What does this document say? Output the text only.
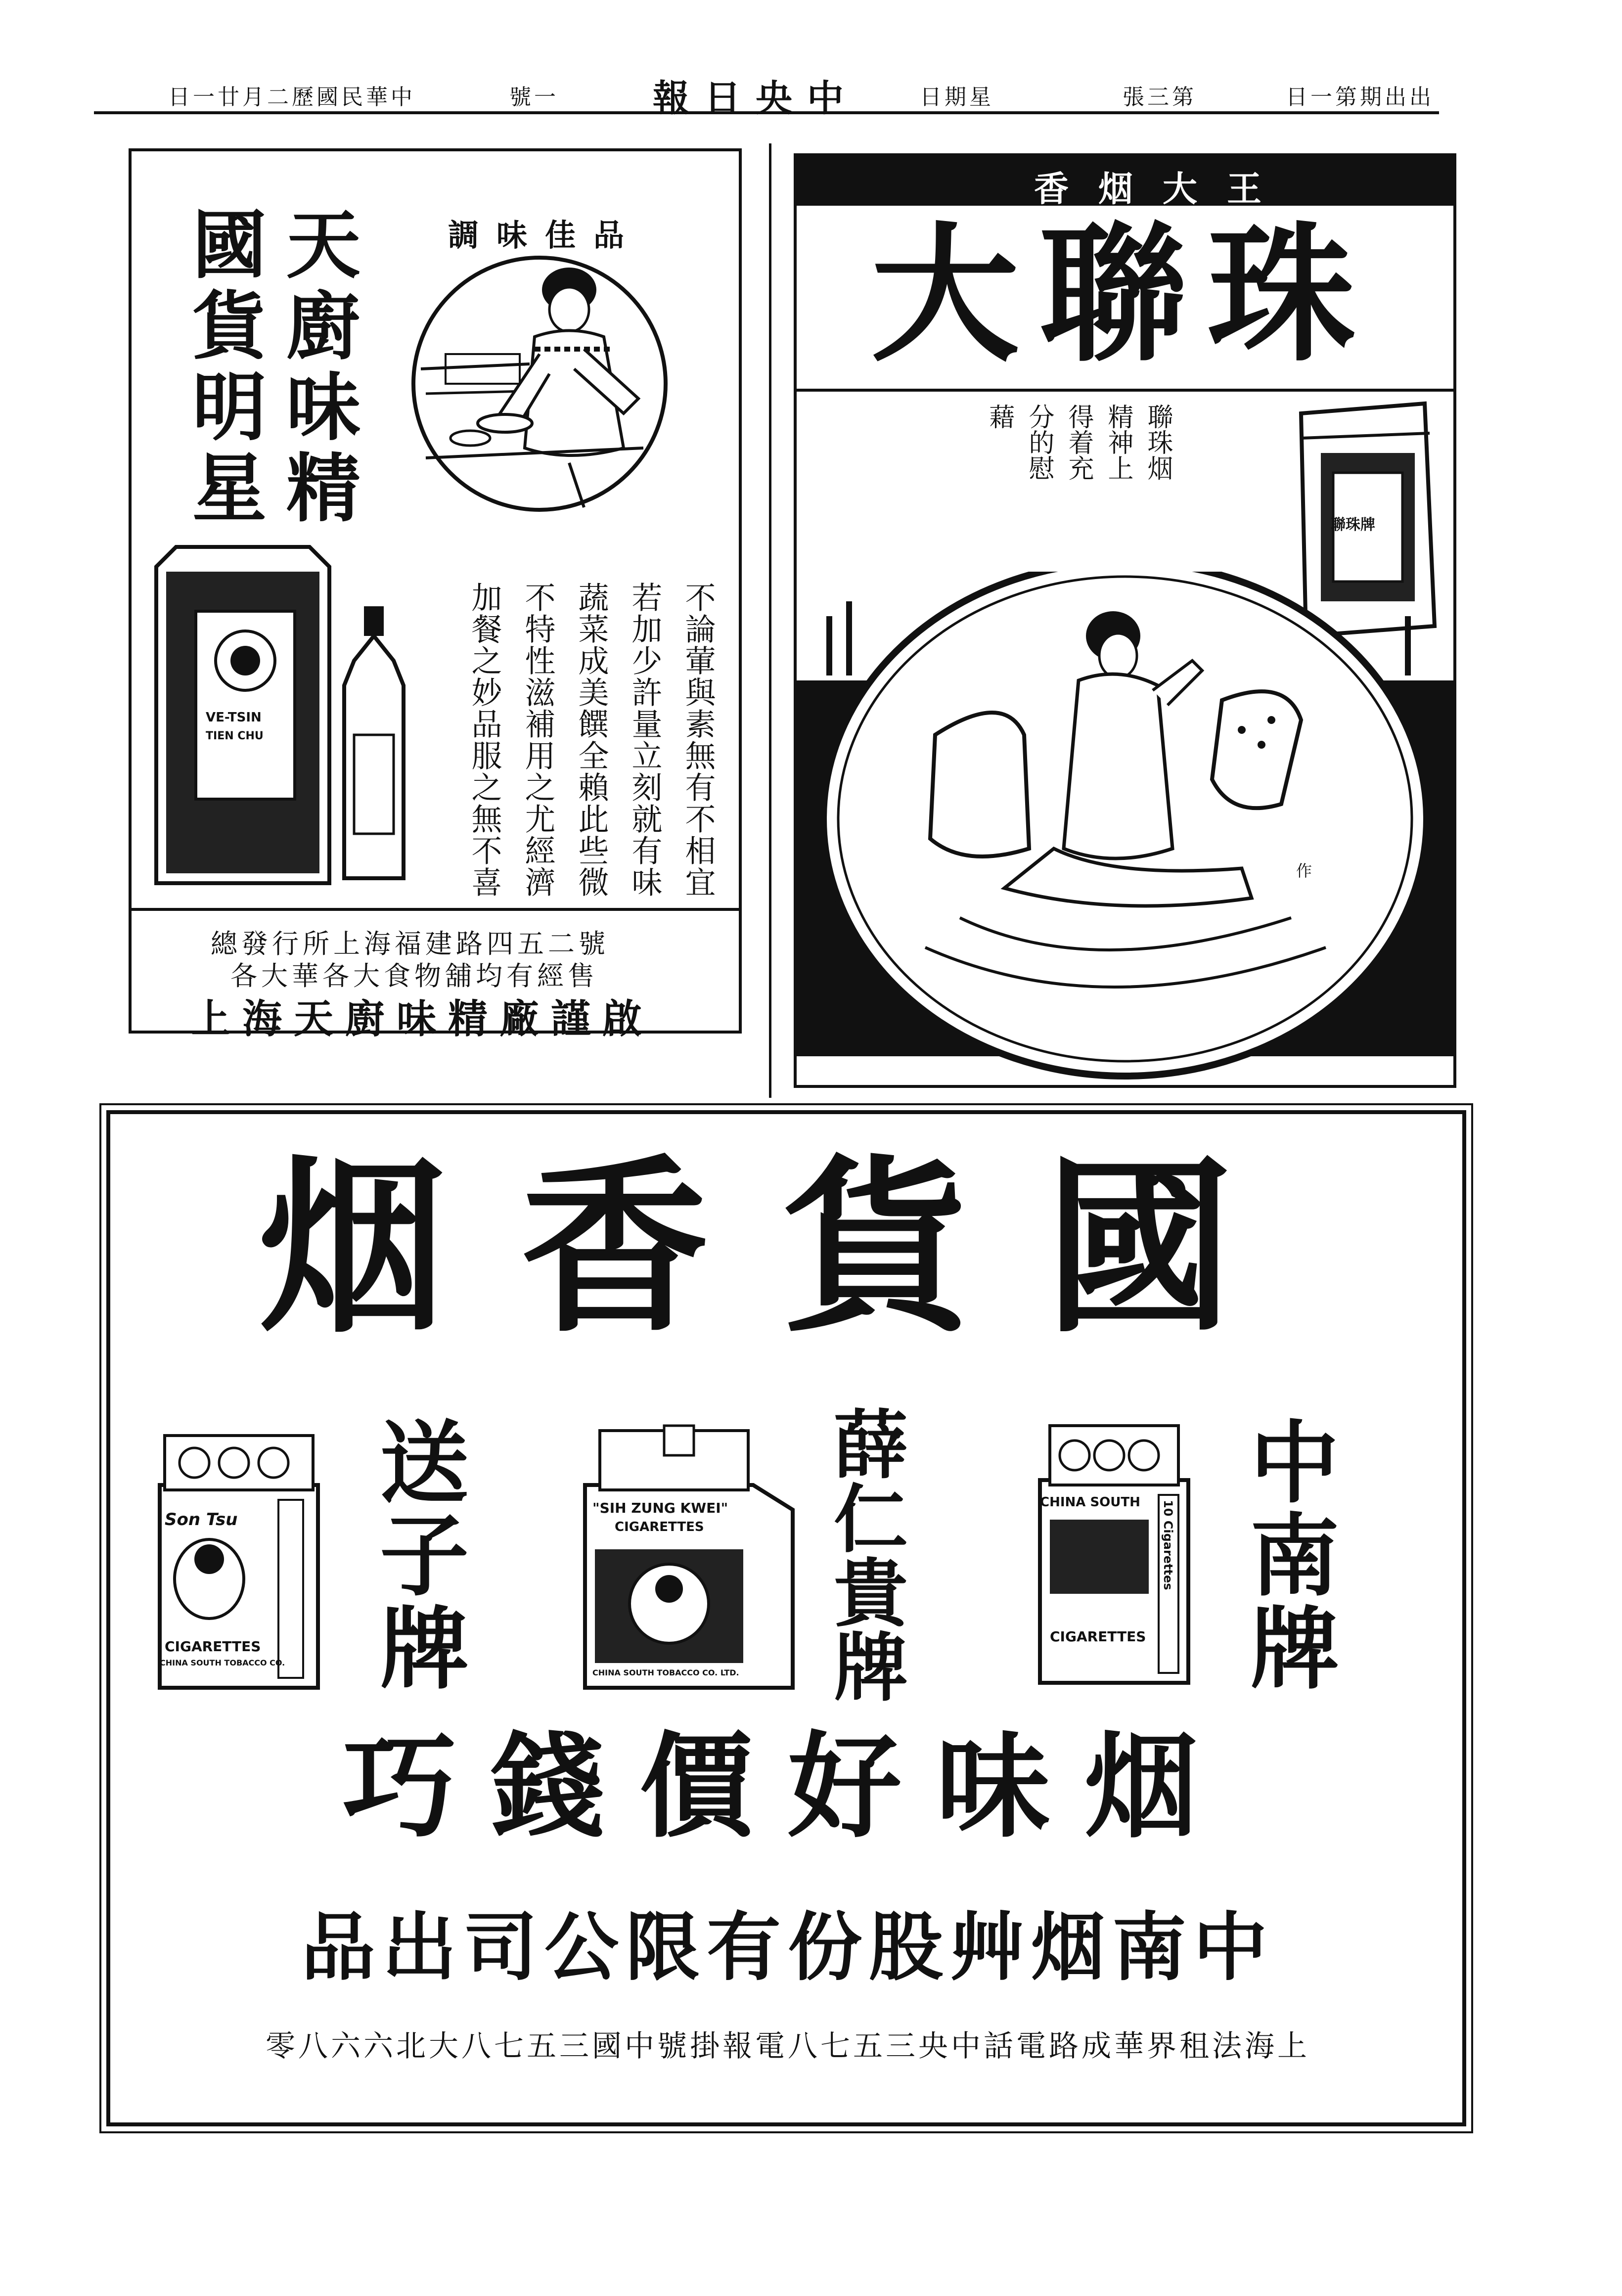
日一廿月二歷國民華中	號一	報日央中	日期星	張三第	日一第期出出
調味佳品
天廚味精
國貨明星
VE-TSIN
TIEN CHU	不論葷與素無有不相宜
若加少許量立刻就有味
蔬菜成美饌全賴此些微
不特性滋補用之尤經濟
加餐之妙品服之無不喜
總發行所上海福建路四五二號
各大華各大食物舖均有經售
上海天廚味精廠謹啟
香烟大王
大聯珠
聯珠烟
精神上
得着充
分的慰
藉
聯珠牌
作
國貨香烟
中南牌
薛仁貴牌
送子牌	CHINA SOUTH
CIGARETTES
10 Cigarettes
"SIH ZUNG KWEI"
CIGARETTES
CHINA SOUTH TOBACCO CO. LTD.
Son Tsu
CIGARETTES
CHINA SOUTH TOBACCO CO.
烟味好價錢巧
中南烟艸股份有限公司出品
上海法租界華成路電話中央三五七八電報掛號中國三五七八大北六六八零
